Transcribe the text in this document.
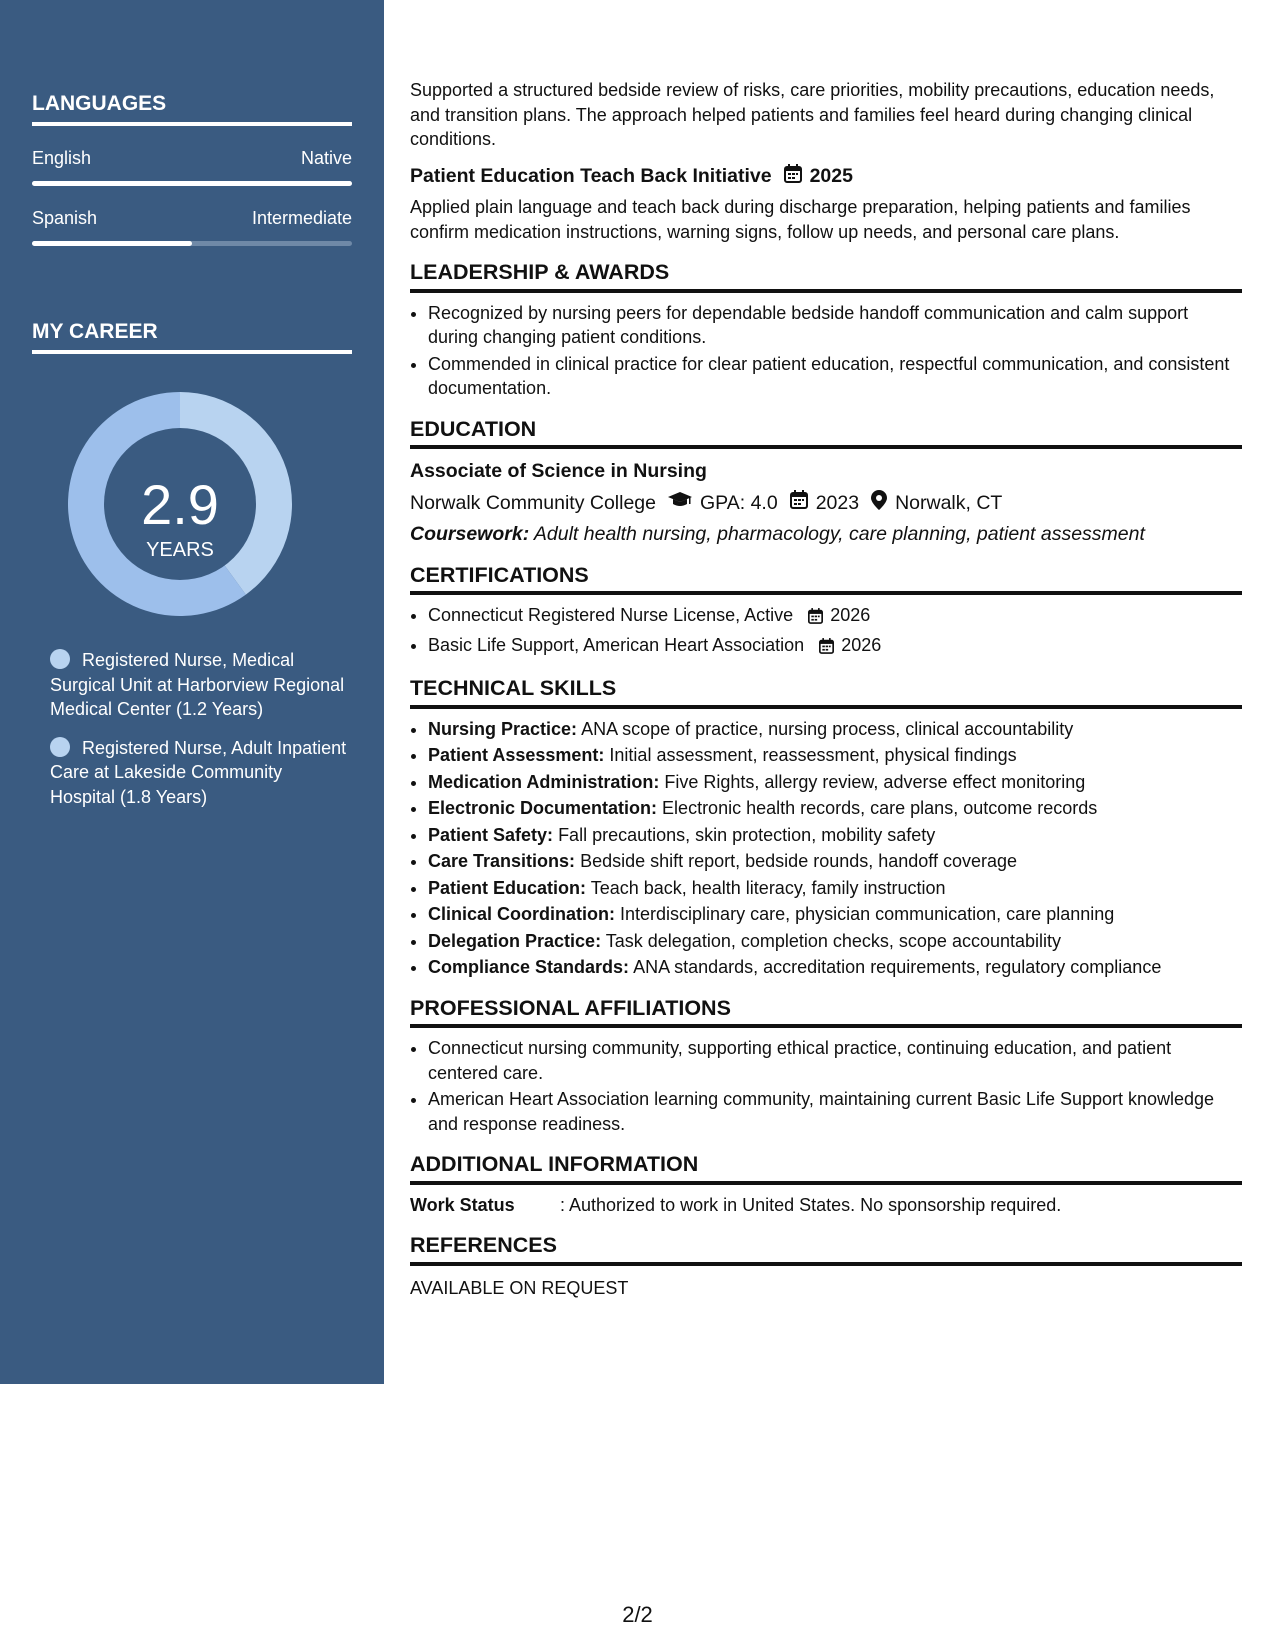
LANGUAGES
English	Native
Spanish	Intermediate
MY CAREER
2.9
YEARS
Registered Nurse, Medical Surgical Unit at Harborview Regional Medical Center (1.2 Years)
Registered Nurse, Adult Inpatient Care at Lakeside Community Hospital (1.8 Years)

Supported a structured bedside review of risks, care priorities, mobility precautions, education needs, and transition plans. The approach helped patients and families feel heard during changing clinical conditions.

Patient Education Teach Back Initiative 2025

Applied plain language and teach back during discharge preparation, helping patients and families confirm medication instructions, warning signs, follow up needs, and personal care plans.

LEADERSHIP & AWARDS
• Recognized by nursing peers for dependable bedside handoff communication and calm support during changing patient conditions.
• Commended in clinical practice for clear patient education, respectful communication, and consistent documentation.
EDUCATION
Associate of Science in Nursing
Norwalk Community College GPA: 4.0 2023 Norwalk, CT
Coursework: Adult health nursing, pharmacology, care planning, patient assessment
CERTIFICATIONS
• Connecticut Registered Nurse License, Active 2026
• Basic Life Support, American Heart Association 2026
TECHNICAL SKILLS
• Nursing Practice: ANA scope of practice, nursing process, clinical accountability
• Patient Assessment: Initial assessment, reassessment, physical findings
• Medication Administration: Five Rights, allergy review, adverse effect monitoring
• Electronic Documentation: Electronic health records, care plans, outcome records
• Patient Safety: Fall precautions, skin protection, mobility safety
• Care Transitions: Bedside shift report, bedside rounds, handoff coverage
• Patient Education: Teach back, health literacy, family instruction
• Clinical Coordination: Interdisciplinary care, physician communication, care planning
• Delegation Practice: Task delegation, completion checks, scope accountability
• Compliance Standards: ANA standards, accreditation requirements, regulatory compliance
PROFESSIONAL AFFILIATIONS
• Connecticut nursing community, supporting ethical practice, continuing education, and patient centered care.
• American Heart Association learning community, maintaining current Basic Life Support knowledge and response readiness.
ADDITIONAL INFORMATION
Work Status	: Authorized to work in United States. No sponsorship required.
REFERENCES
AVAILABLE ON REQUEST
2/2
